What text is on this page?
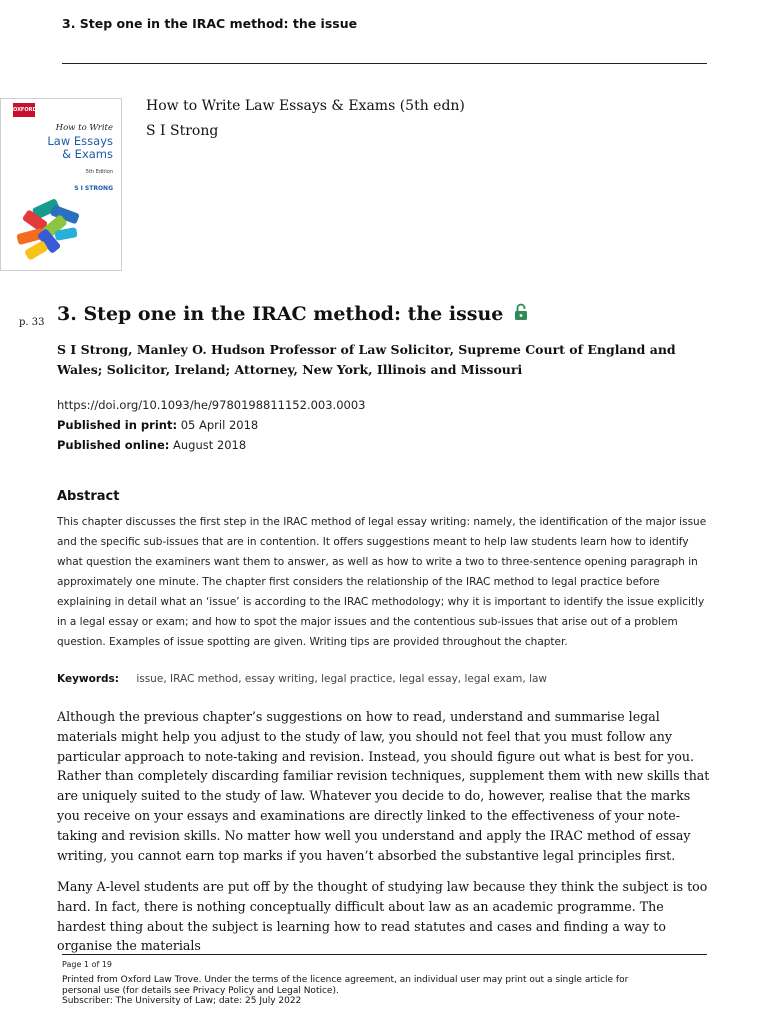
3. Step one in the IRAC method: the issue
OXFORD
How to Write
Law Essays
& Exams
5th Edition
S I STRONG
How to Write Law Essays & Exams (5th edn)
S I Strong
p. 33 3. Step one in the IRAC method: the issue
S I Strong, Manley O. Hudson Professor of Law Solicitor, Supreme Court of England and Wales; Solicitor, Ireland; Attorney, New York, Illinois and Missouri
https://doi.org/10.1093/he/9780198811152.003.0003
Published in print: 05 April 2018
Published online: August 2018
Abstract
This chapter discusses the first step in the IRAC method of legal essay writing: namely, the identification of the major issue and the specific sub-issues that are in contention. It offers suggestions meant to help law students learn how to identify what question the examiners want them to answer, as well as how to write a two to three-sentence opening paragraph in approximately one minute. The chapter first considers the relationship of the IRAC method to legal practice before explaining in detail what an ‘issue’ is according to the IRAC methodology; why it is important to identify the issue explicitly in a legal essay or exam; and how to spot the major issues and the contentious sub-issues that arise out of a problem question. Examples of issue spotting are given. Writing tips are provided throughout the chapter.
Keywords: issue, IRAC method, essay writing, legal practice, legal essay, legal exam, law
Although the previous chapter’s suggestions on how to read, understand and summarise legal materials might help you adjust to the study of law, you should not feel that you must follow any particular approach to note-taking and revision. Instead, you should figure out what is best for you. Rather than completely discarding familiar revision techniques, supplement them with new skills that are uniquely suited to the study of law. Whatever you decide to do, however, realise that the marks you receive on your essays and examinations are directly linked to the effectiveness of your note-taking and revision skills. No matter how well you understand and apply the IRAC method of essay writing, you cannot earn top marks if you haven’t absorbed the substantive legal principles first.
Many A-level students are put off by the thought of studying law because they think the subject is too hard. In fact, there is nothing conceptually difficult about law as an academic programme. The hardest thing about the subject is learning how to read statutes and cases and finding a way to organise the materials
Page 1 of 19
Printed from Oxford Law Trove. Under the terms of the licence agreement, an individual user may print out a single article for
personal use (for details see Privacy Policy and Legal Notice).
Subscriber: The University of Law; date: 25 July 2022
